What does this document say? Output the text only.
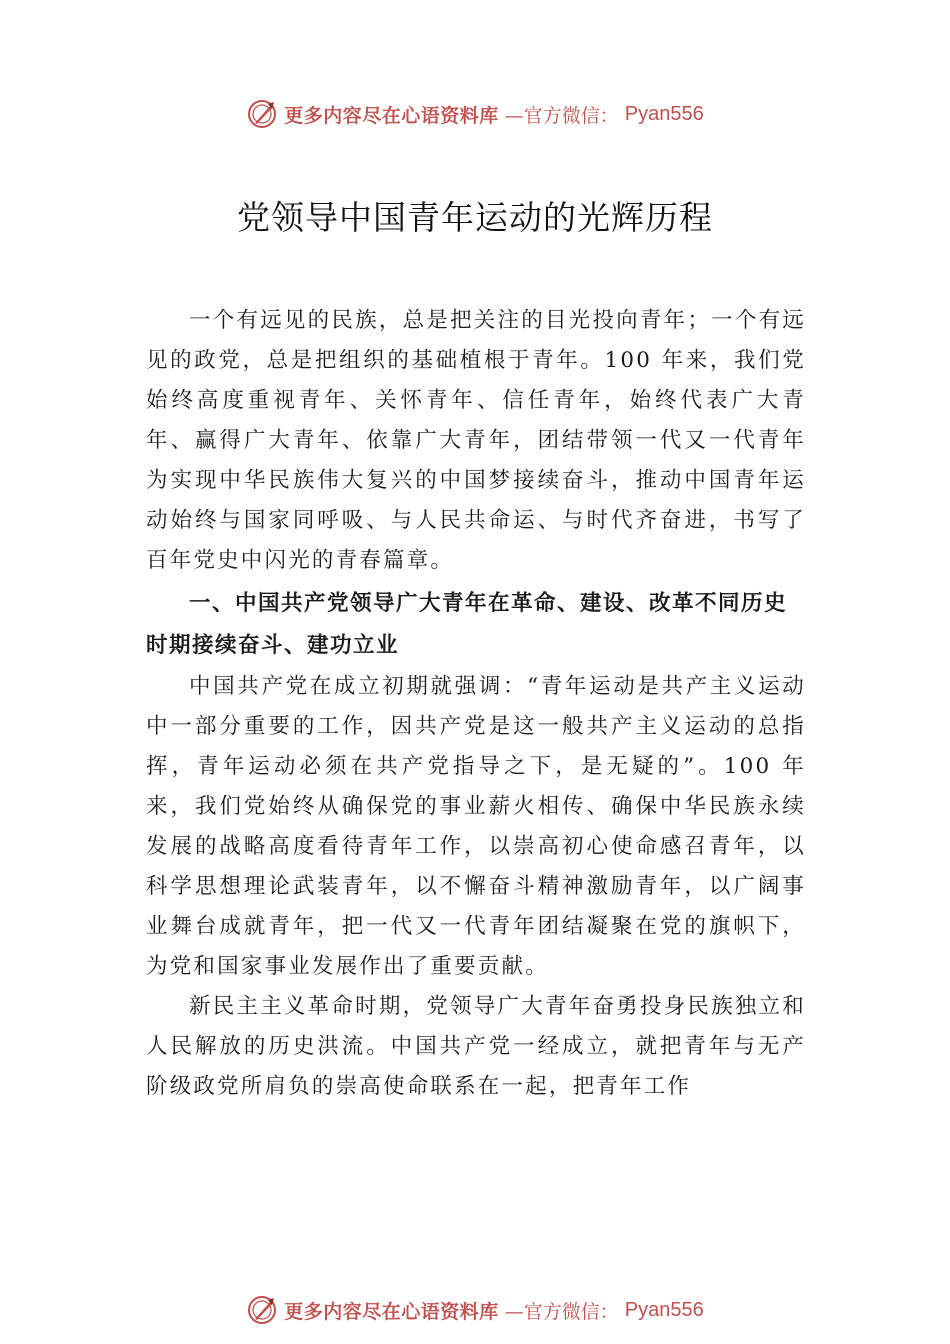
更多内容尽在心语资料库 —官方微信： Pyan556
党领导中国青年运动的光辉历程

一个有远见的民族，总是把关注的目光投向青年；一个有远见的政党，总是把组织的基础植根于青年。100 年来，我们党始终高度重视青年、关怀青年、信任青年，始终代表广大青年、赢得广大青年、依靠广大青年，团结带领一代又一代青年为实现中华民族伟大复兴的中国梦接续奋斗，推动中国青年运动始终与国家同呼吸、与人民共命运、与时代齐奋进，书写了百年党史中闪光的青春篇章。

一、中国共产党领导广大青年在革命、建设、改革不同历史时期接续奋斗、建功立业

中国共产党在成立初期就强调：“青年运动是共产主义运动中一部分重要的工作，因共产党是这一般共产主义运动的总指挥，青年运动必须在共产党指导之下，是无疑的”。100 年来，我们党始终从确保党的事业薪火相传、确保中华民族永续发展的战略高度看待青年工作，以崇高初心使命感召青年，以科学思想理论武装青年，以不懈奋斗精神激励青年，以广阔事业舞台成就青年，把一代又一代青年团结凝聚在党的旗帜下，为党和国家事业发展作出了重要贡献。

新民主主义革命时期，党领导广大青年奋勇投身民族独立和人民解放的历史洪流。中国共产党一经成立，就把青年与无产阶级政党所肩负的崇高使命联系在一起，把青年工作

更多内容尽在心语资料库 —官方微信： Pyan556
